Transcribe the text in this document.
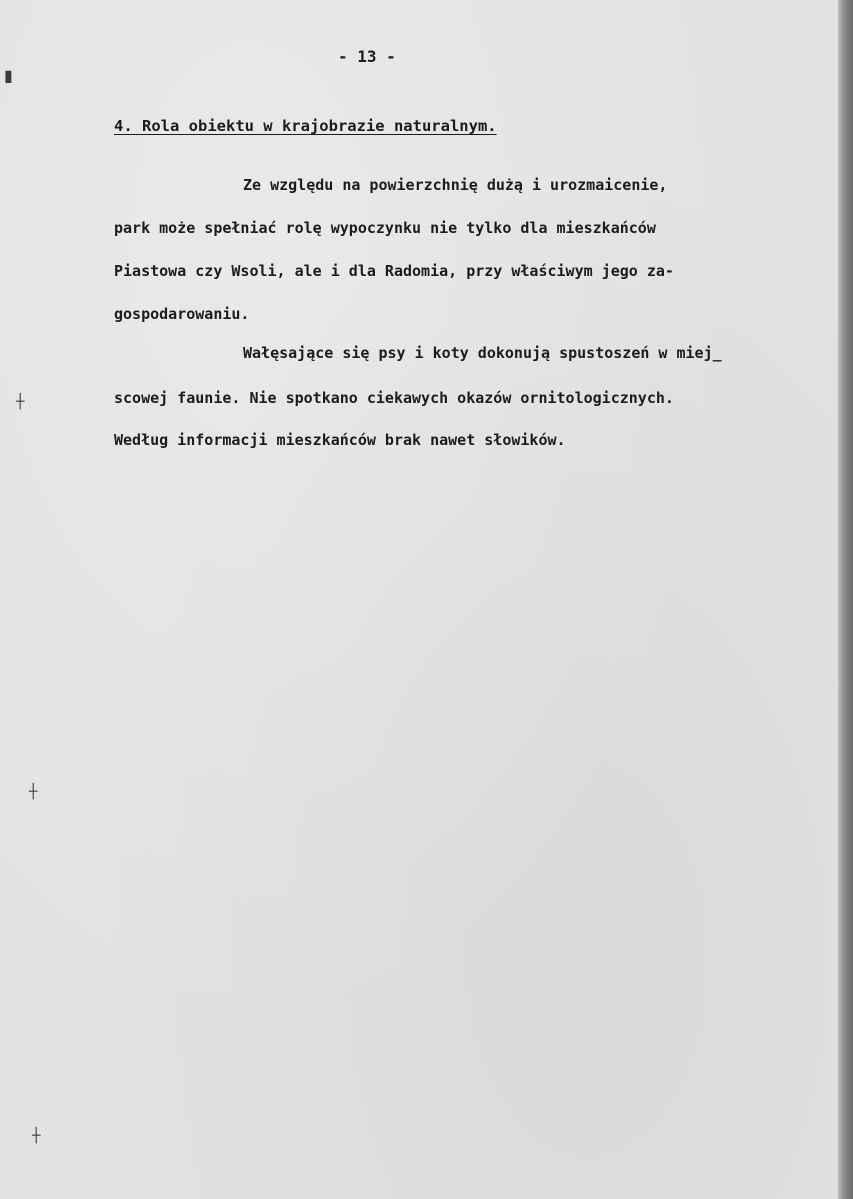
- 13 -
4. Rola obiektu w krajobrazie naturalnym.
Ze względu na powierzchnię dużą i urozmaicenie,
park może spełniać rolę wypoczynku nie tylko dla mieszkańców
Piastowa czy Wsoli, ale i dla Radomia, przy właściwym jego za-
gospodarowaniu.
Wałęsające się psy i koty dokonują spustoszeń w miej_
scowej faunie. Nie spotkano ciekawych okazów ornitologicznych.
Według informacji mieszkańców brak nawet słowików.
▮
┼
┼
┼
